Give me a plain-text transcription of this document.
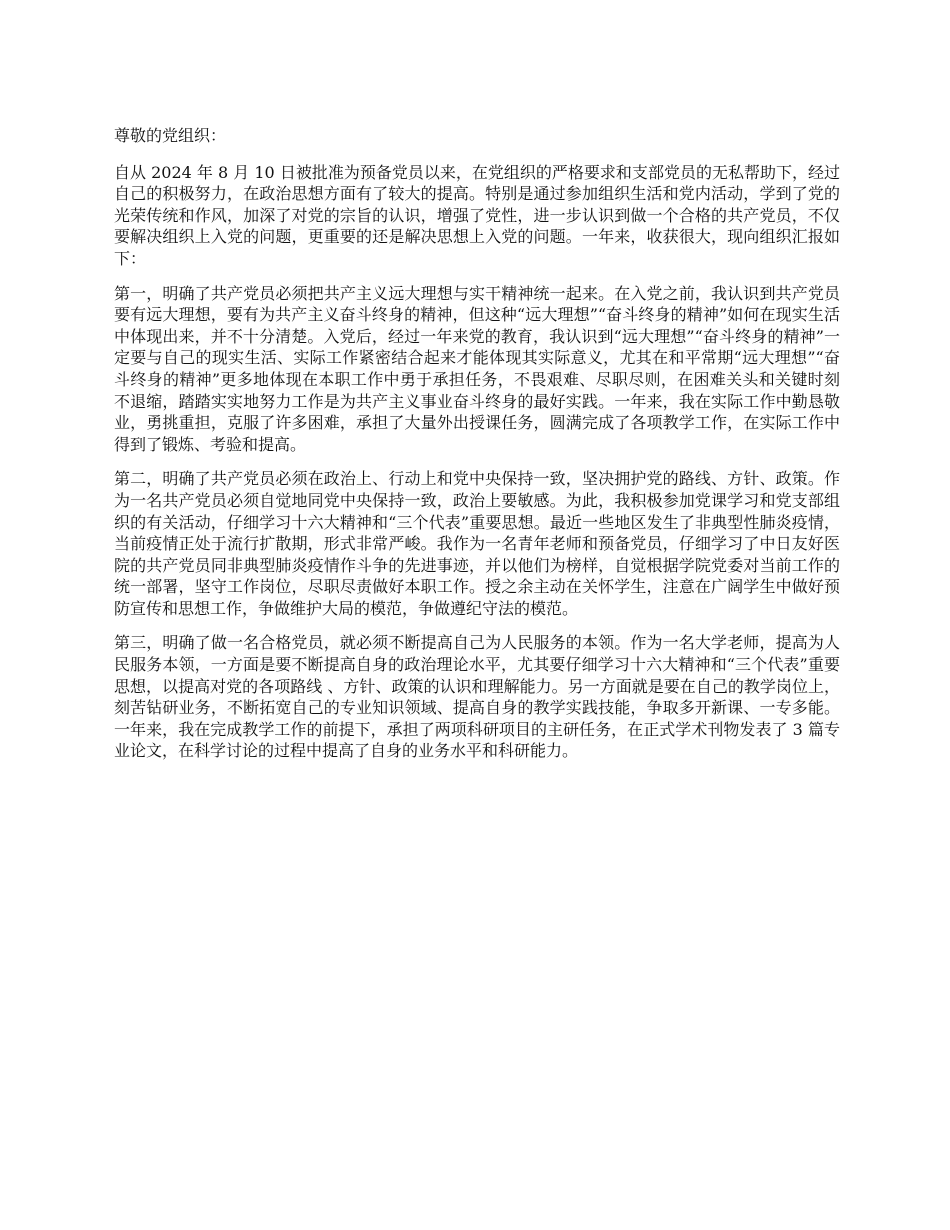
尊敬的党组织：

自从 2024 年 8 月 10 日被批准为预备党员以来，在党组织的严格要求和支部党员的无私帮助下，经过自己的积极努力，在政治思想方面有了较大的提高。特别是通过参加组织生活和党内活动，学到了党的光荣传统和作风，加深了对党的宗旨的认识，增强了党性，进一步认识到做一个合格的共产党员，不仅要解决组织上入党的问题，更重要的还是解决思想上入党的问题。一年来，收获很大，现向组织汇报如下：

第一，明确了共产党员必须把共产主义远大理想与实干精神统一起来。在入党之前，我认识到共产党员要有远大理想，要有为共产主义奋斗终身的精神，但这种“远大理想”“奋斗终身的精神”如何在现实生活中体现出来，并不十分清楚。入党后，经过一年来党的教育，我认识到“远大理想”“奋斗终身的精神”一定要与自己的现实生活、实际工作紧密结合起来才能体现其实际意义，尤其在和平常期“远大理想”“奋斗终身的精神”更多地体现在本职工作中勇于承担任务，不畏艰难、尽职尽则，在困难关头和关键时刻不退缩，踏踏实实地努力工作是为共产主义事业奋斗终身的最好实践。一年来，我在实际工作中勤恳敬业，勇挑重担，克服了许多困难，承担了大量外出授课任务，圆满完成了各项教学工作，在实际工作中得到了锻炼、考验和提高。

第二，明确了共产党员必须在政治上、行动上和党中央保持一致，坚决拥护党的路线、方针、政策。作为一名共产党员必须自觉地同党中央保持一致，政治上要敏感。为此，我积极参加党课学习和党支部组织的有关活动，仔细学习十六大精神和“三个代表”重要思想。最近一些地区发生了非典型性肺炎疫情，当前疫情正处于流行扩散期，形式非常严峻。我作为一名青年老师和预备党员，仔细学习了中日友好医院的共产党员同非典型肺炎疫情作斗争的先进事迹，并以他们为榜样，自觉根据学院党委对当前工作的统一部署，坚守工作岗位，尽职尽责做好本职工作。授之余主动在关怀学生，注意在广阔学生中做好预防宣传和思想工作，争做维护大局的模范，争做遵纪守法的模范。

第三，明确了做一名合格党员，就必须不断提高自己为人民服务的本领。作为一名大学老师，提高为人民服务本领，一方面是要不断提高自身的政治理论水平，尤其要仔细学习十六大精神和“三个代表”重要思想，以提高对党的各项路线 、方针、政策的认识和理解能力。另一方面就是要在自己的教学岗位上，刻苦钻研业务，不断拓宽自己的专业知识领域、提高自身的教学实践技能，争取多开新课、一专多能。一年来，我在完成教学工作的前提下，承担了两项科研项目的主研任务，在正式学术刊物发表了 3 篇专业论文，在科学讨论的过程中提高了自身的业务水平和科研能力。
